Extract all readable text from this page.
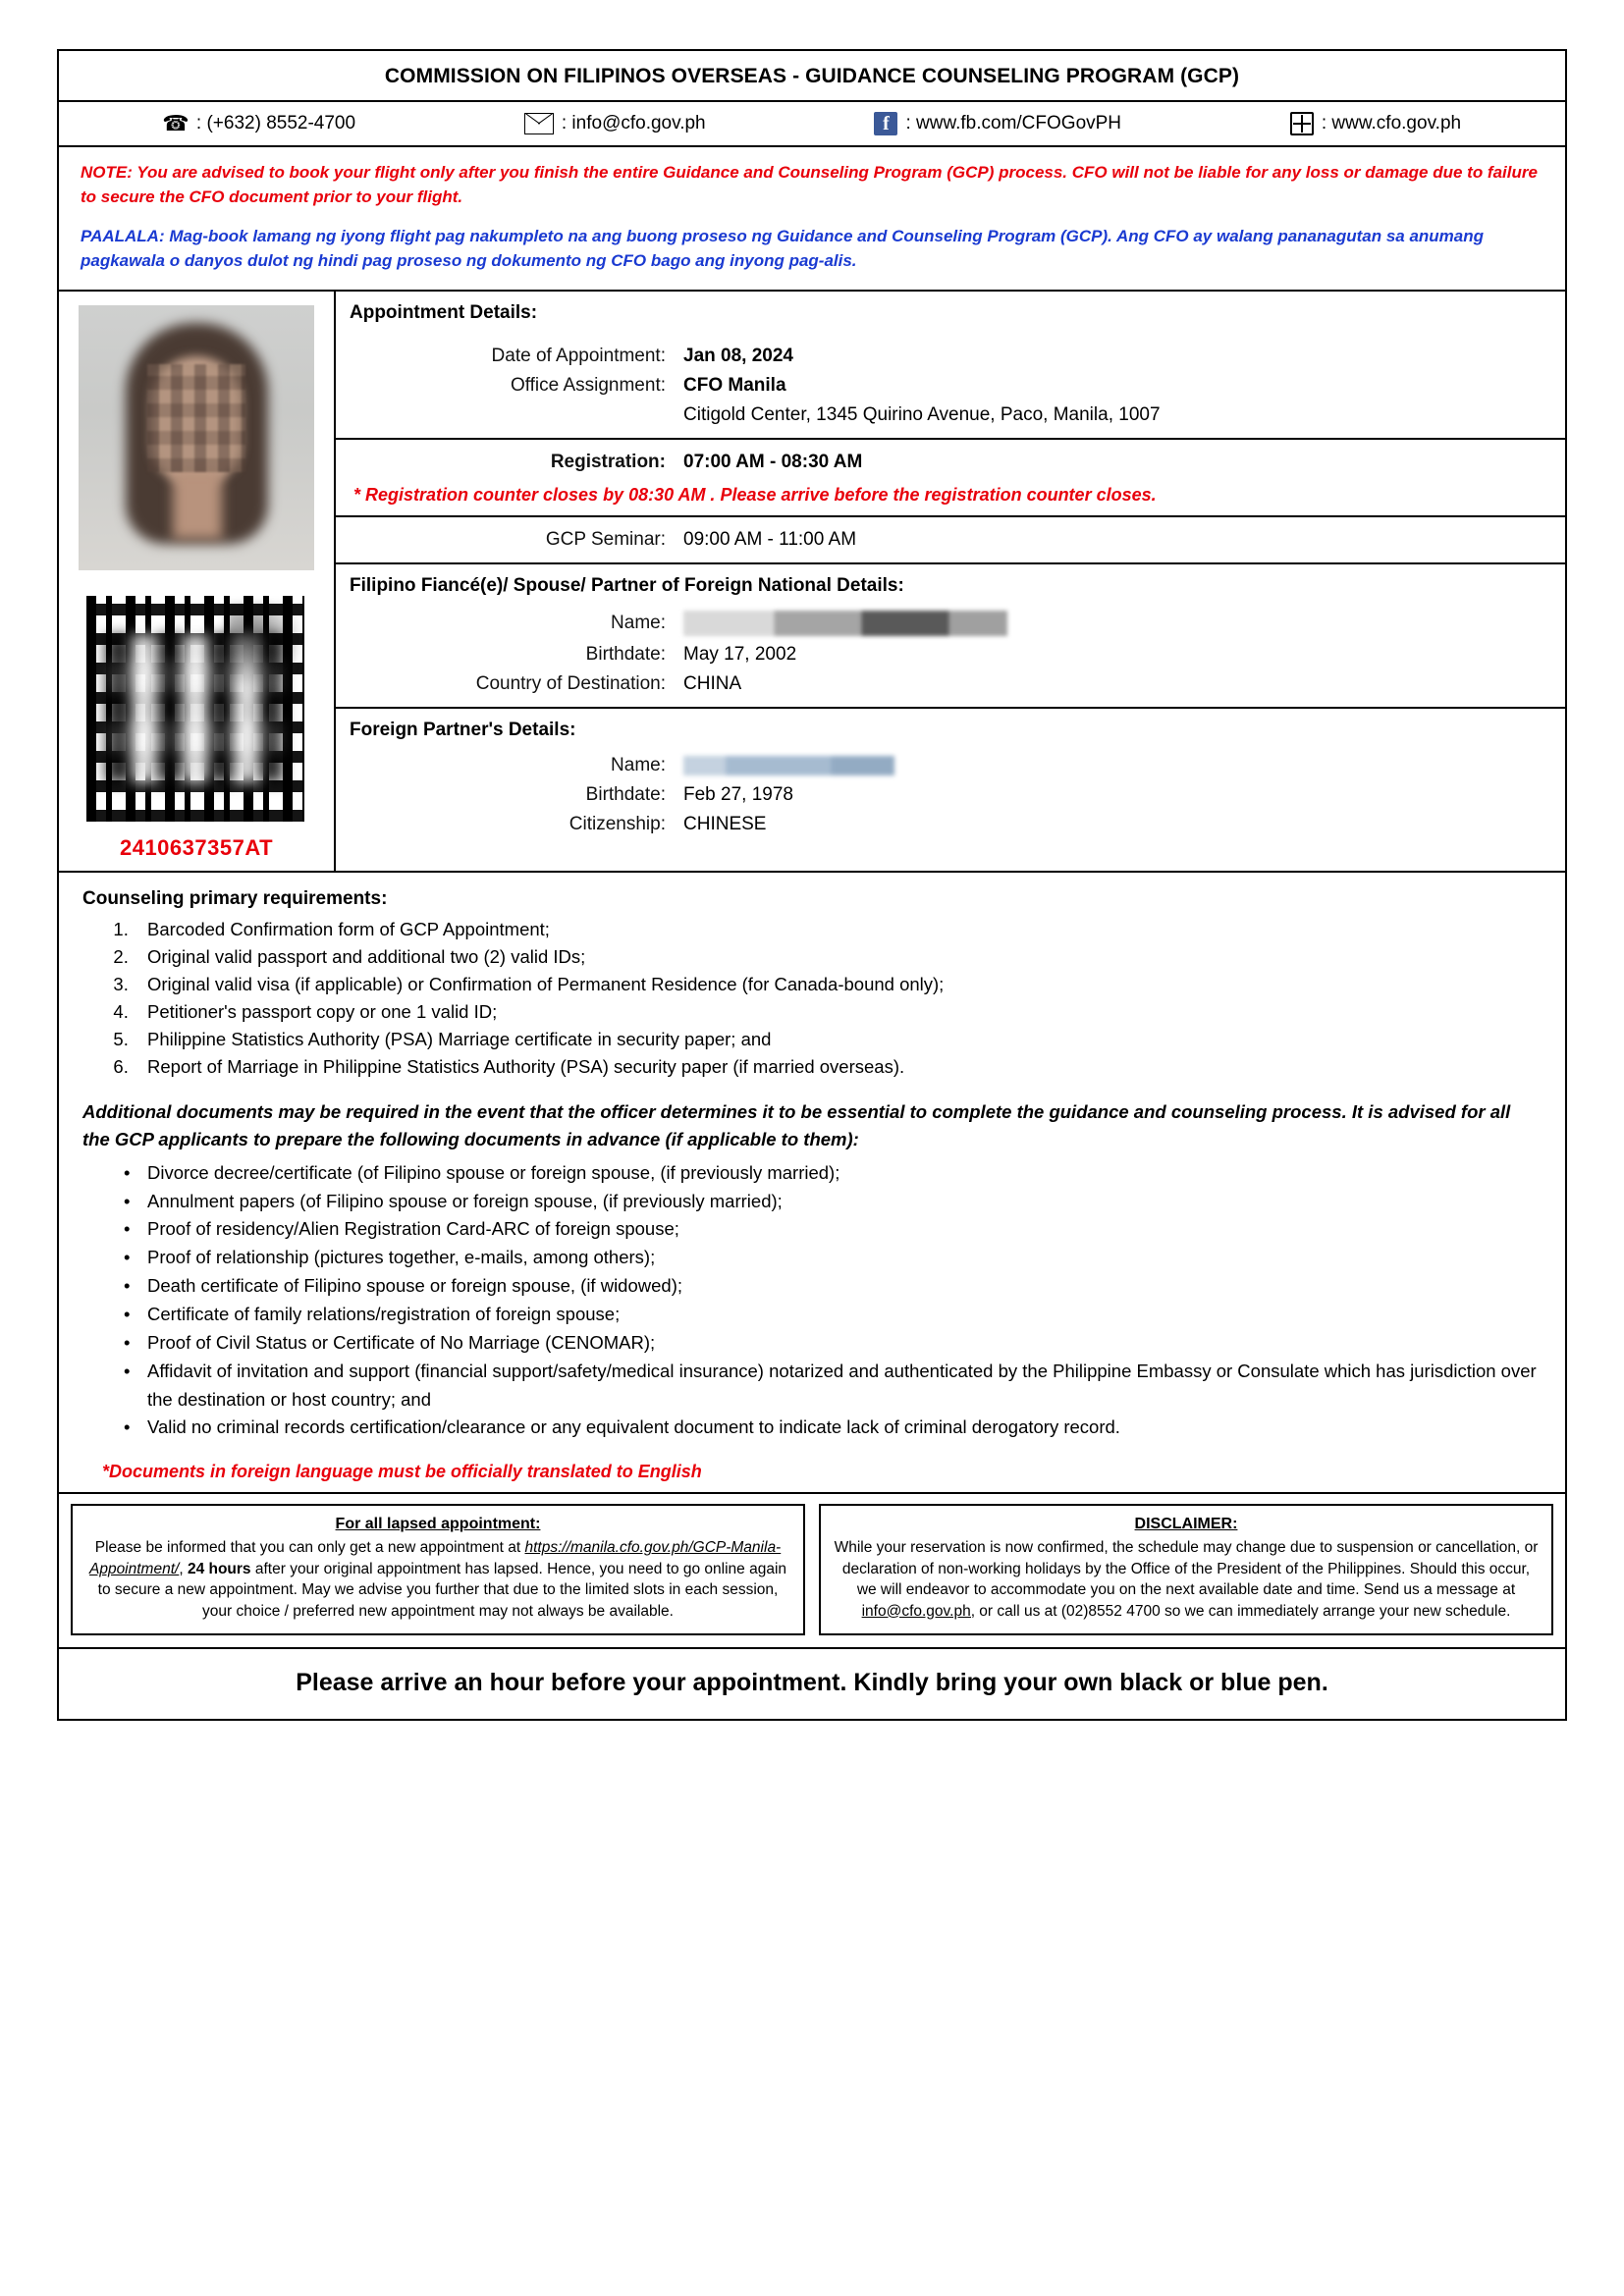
COMMISSION ON FILIPINOS OVERSEAS - GUIDANCE COUNSELING PROGRAM (GCP)
☎ : (+632) 8552-4700	: info@cfo.gov.ph	f : www.fb.com/CFOGovPH	: www.cfo.gov.ph
NOTE: You are advised to book your flight only after you finish the entire Guidance and Counseling Program (GCP) process. CFO will not be liable for any loss or damage due to failure to secure the CFO document prior to your flight.
PAALALA: Mag-book lamang ng iyong flight pag nakumpleto na ang buong proseso ng Guidance and Counseling Program (GCP). Ang CFO ay walang pananagutan sa anumang pagkawala o danyos dulot ng hindi pag proseso ng dokumento ng CFO bago ang inyong pag-alis.
2410637357AT
Appointment Details:
Date of Appointment: Jan 08, 2024
Office Assignment: CFO Manila
Citigold Center, 1345 Quirino Avenue, Paco, Manila, 1007
Registration: 07:00 AM - 08:30 AM
* Registration counter closes by 08:30 AM . Please arrive before the registration counter closes.
GCP Seminar: 09:00 AM - 11:00 AM
Filipino Fiancé(e)/ Spouse/ Partner of Foreign National Details:
Name:
Birthdate: May 17, 2002
Country of Destination: CHINA
Foreign Partner's Details:
Name:
Birthdate: Feb 27, 1978
Citizenship: CHINESE
Counseling primary requirements:
1. Barcoded Confirmation form of GCP Appointment;
2. Original valid passport and additional two (2) valid IDs;
3. Original valid visa (if applicable) or Confirmation of Permanent Residence (for Canada-bound only);
4. Petitioner's passport copy or one 1 valid ID;
5. Philippine Statistics Authority (PSA) Marriage certificate in security paper; and
6. Report of Marriage in Philippine Statistics Authority (PSA) security paper (if married overseas).
Additional documents may be required in the event that the officer determines it to be essential to complete the guidance and counseling process. It is advised for all the GCP applicants to prepare the following documents in advance (if applicable to them):
• Divorce decree/certificate (of Filipino spouse or foreign spouse, (if previously married);
• Annulment papers (of Filipino spouse or foreign spouse, (if previously married);
• Proof of residency/Alien Registration Card-ARC of foreign spouse;
• Proof of relationship (pictures together, e-mails, among others);
• Death certificate of Filipino spouse or foreign spouse, (if widowed);
• Certificate of family relations/registration of foreign spouse;
• Proof of Civil Status or Certificate of No Marriage (CENOMAR);
• Affidavit of invitation and support (financial support/safety/medical insurance) notarized and authenticated by the Philippine Embassy or Consulate which has jurisdiction over the destination or host country; and
• Valid no criminal records certification/clearance or any equivalent document to indicate lack of criminal derogatory record.
*Documents in foreign language must be officially translated to English
For all lapsed appointment:
Please be informed that you can only get a new appointment at https://manila.cfo.gov.ph/GCP-Manila-Appointment/, 24 hours after your original appointment has lapsed. Hence, you need to go online again to secure a new appointment. May we advise you further that due to the limited slots in each session, your choice / preferred new appointment may not always be available.
DISCLAIMER:
While your reservation is now confirmed, the schedule may change due to suspension or cancellation, or declaration of non-working holidays by the Office of the President of the Philippines. Should this occur, we will endeavor to accommodate you on the next available date and time. Send us a message at info@cfo.gov.ph, or call us at (02)8552 4700 so we can immediately arrange your new schedule.
Please arrive an hour before your appointment. Kindly bring your own black or blue pen.
